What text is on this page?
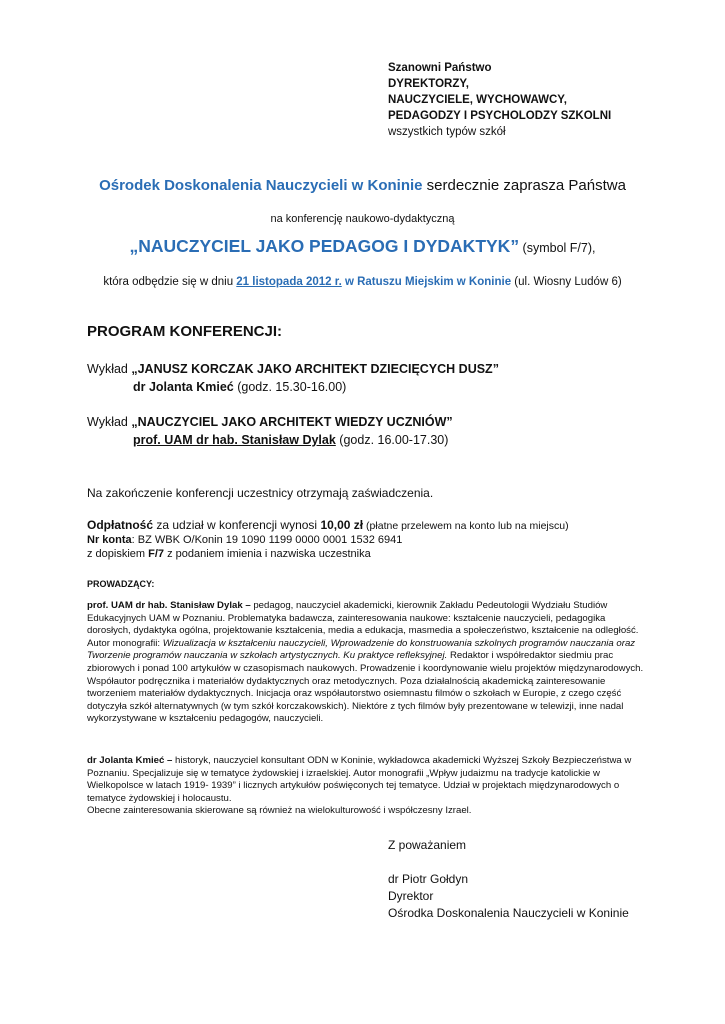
Szanowni Państwo
DYREKTORZY,
NAUCZYCIELE, WYCHOWAWCY,
PEDAGODZY I PSYCHOLODZY SZKOLNI
wszystkich typów szkół
Ośrodek Doskonalenia Nauczycieli w Koninie serdecznie zaprasza Państwa
na konferencję naukowo-dydaktyczną
„NAUCZYCIEL JAKO PEDAGOG I DYDAKTYK” (symbol F/7),
która odbędzie się w dniu 21 listopada 2012 r. w Ratuszu Miejskim w Koninie (ul. Wiosny Ludów 6)
PROGRAM KONFERENCJI:
Wykład „JANUSZ KORCZAK JAKO ARCHITEKT DZIECIĘCYCH DUSZ”
dr Jolanta Kmieć (godz. 15.30-16.00)
Wykład „NAUCZYCIEL JAKO ARCHITEKT WIEDZY UCZNIÓW”
prof. UAM dr hab. Stanisław Dylak (godz. 16.00-17.30)
Na zakończenie konferencji uczestnicy otrzymają zaświadczenia.
Odpłatność za udział w konferencji wynosi 10,00 zł (płatne przelewem na konto lub na miejscu)
Nr konta: BZ WBK O/Konin 19 1090 1199 0000 0001 1532 6941
z dopiskiem F/7 z podaniem imienia i nazwiska uczestnika
PROWADZĄCY:
prof. UAM dr hab. Stanisław Dylak – pedagog, nauczyciel akademicki, kierownik Zakładu Pedeutologii Wydziału Studiów Edukacyjnych UAM w Poznaniu. Problematyka badawcza, zainteresowania naukowe: kształcenie nauczycieli, pedagogika dorosłych, dydaktyka ogólna, projektowanie kształcenia, media a edukacja, masmedia a społeczeństwo, kształcenie na odległość. Autor monografii: Wizualizacja w kształceniu nauczycieli, Wprowadzenie do konstruowania szkolnych programów nauczania oraz Tworzenie programów nauczania w szkołach artystycznych. Ku praktyce refleksyjnej. Redaktor i współredaktor siedmiu prac zbiorowych i ponad 100 artykułów w czasopismach naukowych. Prowadzenie i koordynowanie wielu projektów międzynarodowych. Współautor podręcznika i materiałów dydaktycznych oraz metodycznych. Poza działalnością akademicką zainteresowanie tworzeniem materiałów dydaktycznych. Inicjacja oraz współautorstwo osiemnastu filmów o szkołach w Europie, z czego część dotyczyła szkół alternatywnych (w tym szkół korczakowskich). Niektóre z tych filmów były prezentowane w telewizji, inne nadal wykorzystywane w kształceniu pedagogów, nauczycieli.
dr Jolanta Kmieć – historyk, nauczyciel konsultant ODN w Koninie, wykładowca akademicki Wyższej Szkoły Bezpieczeństwa w Poznaniu. Specjalizuje się w tematyce żydowskiej i izraelskiej. Autor monografii „Wpływ judaizmu na tradycje katolickie w Wielkopolsce w latach 1919- 1939” i licznych artykułów poświęconych tej tematyce. Udział w projektach międzynarodowych o tematyce żydowskiej i holocaustu.
Obecne zainteresowania skierowane są również na wielokulturowość i współczesny Izrael.
Z poważaniem
dr Piotr Gołdyn
Dyrektor
Ośrodka Doskonalenia Nauczycieli w Koninie
